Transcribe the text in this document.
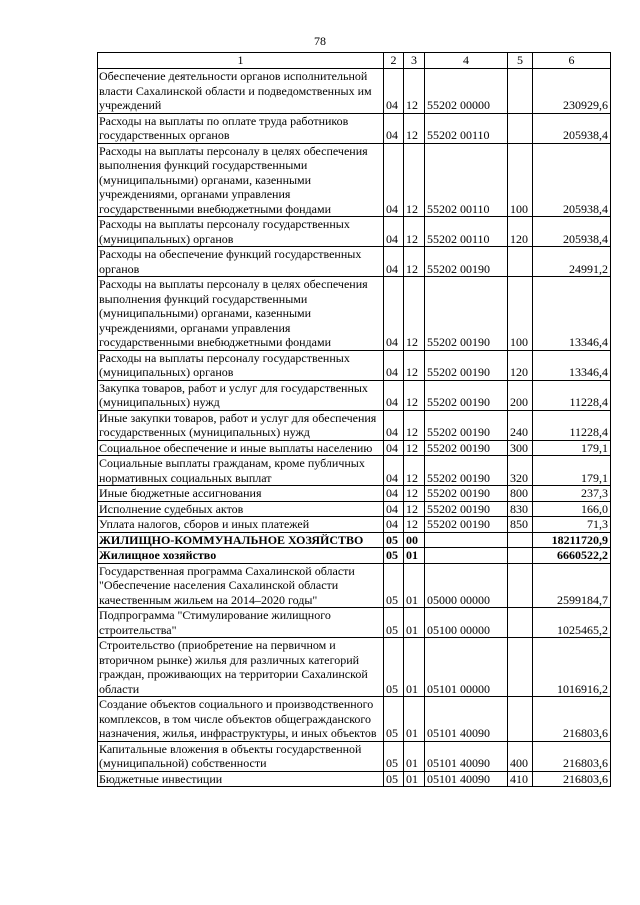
78
1	2	3	4	5	6
Обеспечение деятельности органов исполнительной власти Сахалинской области и подведомственных им учреждений	04	12	55202 00000		230929,6
Расходы на выплаты по оплате труда работников государственных органов	04	12	55202 00110		205938,4
Расходы на выплаты персоналу в целях обеспечения выполнения функций государственными (муниципальными) органами, казенными учреждениями, органами управления государственными внебюджетными фондами	04	12	55202 00110	100	205938,4
Расходы на выплаты персоналу государственных (муниципальных) органов	04	12	55202 00110	120	205938,4
Расходы на обеспечение функций государственных органов	04	12	55202 00190		24991,2
Расходы на выплаты персоналу в целях обеспечения выполнения функций государственными (муниципальными) органами, казенными учреждениями, органами управления государственными внебюджетными фондами	04	12	55202 00190	100	13346,4
Расходы на выплаты персоналу государственных (муниципальных) органов	04	12	55202 00190	120	13346,4
Закупка товаров, работ и услуг для государственных (муниципальных) нужд	04	12	55202 00190	200	11228,4
Иные закупки товаров, работ и услуг для обеспечения государственных (муниципальных) нужд	04	12	55202 00190	240	11228,4
Социальное обеспечение и иные выплаты населению	04	12	55202 00190	300	179,1
Социальные выплаты гражданам, кроме публичных нормативных социальных выплат	04	12	55202 00190	320	179,1
Иные бюджетные ассигнования	04	12	55202 00190	800	237,3
Исполнение судебных актов	04	12	55202 00190	830	166,0
Уплата налогов, сборов и иных платежей	04	12	55202 00190	850	71,3
ЖИЛИЩНО-КОММУНАЛЬНОЕ ХОЗЯЙСТВО	05	00			18211720,9
Жилищное хозяйство	05	01			6660522,2
Государственная программа Сахалинской области "Обеспечение населения Сахалинской области качественным жильем на 2014–2020 годы"	05	01	05000 00000		2599184,7
Подпрограмма "Стимулирование жилищного строительства"	05	01	05100 00000		1025465,2
Строительство (приобретение на первичном и вторичном рынке) жилья для различных категорий граждан, проживающих на территории Сахалинской области	05	01	05101 00000		1016916,2
Создание объектов социального и производственного комплексов, в том числе объектов общегражданского назначения, жилья, инфраструктуры, и иных объектов	05	01	05101 40090		216803,6
Капитальные вложения в объекты государственной (муниципальной) собственности	05	01	05101 40090	400	216803,6
Бюджетные инвестиции	05	01	05101 40090	410	216803,6
